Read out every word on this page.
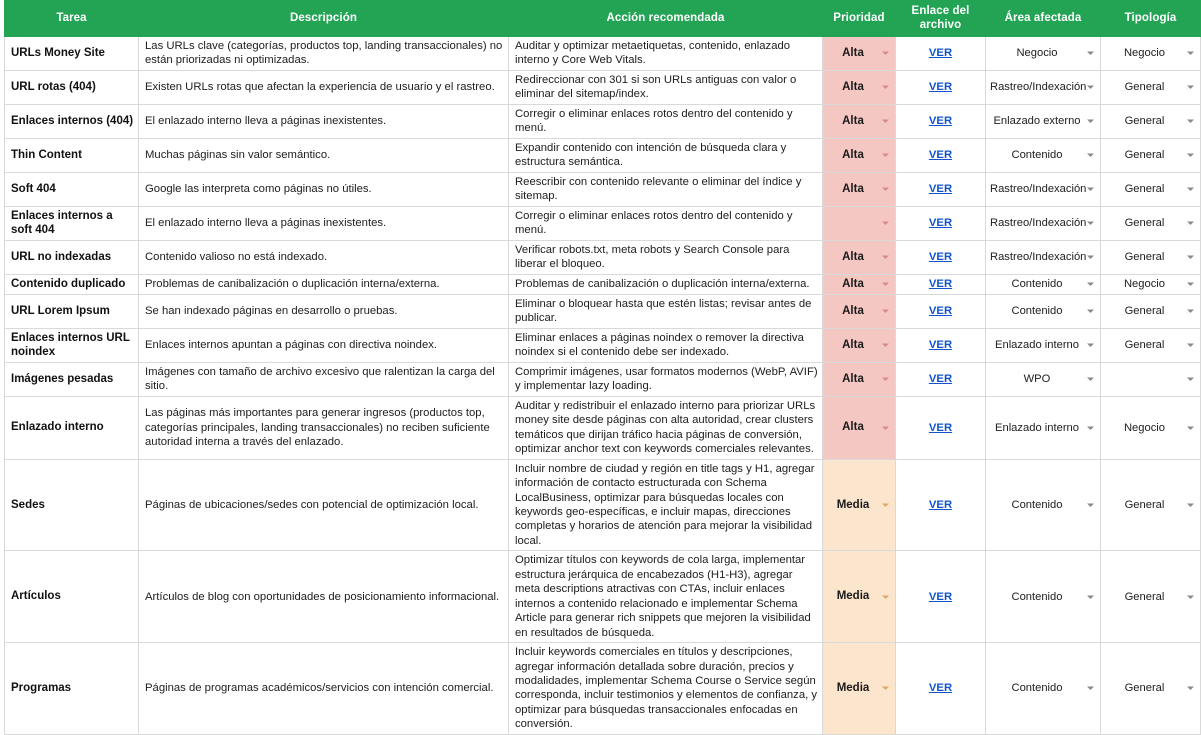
Tarea	Descripción	Acción recomendada	Prioridad	Enlace del archivo	Área afectada	Tipología
URLs Money Site	Las URLs clave (categorías, productos top, landing transaccionales) no están priorizadas ni optimizadas.	Auditar y optimizar metaetiquetas, contenido, enlazado interno y Core Web Vitals.	Alta	VER	Negocio	Negocio

URL rotas (404)	Existen URLs rotas que afectan la experiencia de usuario y el rastreo.	Redireccionar con 301 si son URLs antiguas con valor o eliminar del sitemap/index.	Alta	VER	Rastreo/Indexación	General

Enlaces internos (404)	El enlazado interno lleva a páginas inexistentes.	Corregir o eliminar enlaces rotos dentro del contenido y menú.	Alta	VER	Enlazado externo	General

Thin Content	Muchas páginas sin valor semántico.	Expandir contenido con intención de búsqueda clara y estructura semántica.	Alta	VER	Contenido	General

Soft 404	Google las interpreta como páginas no útiles.	Reescribir con contenido relevante o eliminar del índice y sitemap.	Alta	VER	Rastreo/Indexación	General

Enlaces internos a soft 404	El enlazado interno lleva a páginas inexistentes.	Corregir o eliminar enlaces rotos dentro del contenido y menú.		VER	Rastreo/Indexación	General

URL no indexadas	Contenido valioso no está indexado.	Verificar robots.txt, meta robots y Search Console para liberar el bloqueo.	Alta	VER	Rastreo/Indexación	General

Contenido duplicado	Problemas de canibalización o duplicación interna/externa.	Problemas de canibalización o duplicación interna/externa.	Alta	VER	Contenido	Negocio

URL Lorem Ipsum	Se han indexado páginas en desarrollo o pruebas.	Eliminar o bloquear hasta que estén listas; revisar antes de publicar.	Alta	VER	Contenido	General

Enlaces internos URL noindex	Enlaces internos apuntan a páginas con directiva noindex.	Eliminar enlaces a páginas noindex o remover la directiva noindex si el contenido debe ser indexado.	Alta	VER	Enlazado interno	General

Imágenes pesadas	Imágenes con tamaño de archivo excesivo que ralentizan la carga del sitio.	Comprimir imágenes, usar formatos modernos (WebP, AVIF) y implementar lazy loading.	Alta	VER	WPO

Enlazado interno	Las páginas más importantes para generar ingresos (productos top, categorías principales, landing transaccionales) no reciben suficiente autoridad interna a través del enlazado.	Auditar y redistribuir el enlazado interno para priorizar URLs money site desde páginas con alta autoridad, crear clusters temáticos que dirijan tráfico hacia páginas de conversión, optimizar anchor text con keywords comerciales relevantes.	Alta	VER	Enlazado interno	Negocio

Sedes	Páginas de ubicaciones/sedes con potencial de optimización local.	Incluir nombre de ciudad y región en title tags y H1, agregar información de contacto estructurada con Schema LocalBusiness, optimizar para búsquedas locales con keywords geo-específicas, e incluir mapas, direcciones completas y horarios de atención para mejorar la visibilidad local.	Media	VER	Contenido	General

Artículos	Artículos de blog con oportunidades de posicionamiento informacional.	Optimizar títulos con keywords de cola larga, implementar estructura jerárquica de encabezados (H1-H3), agregar meta descriptions atractivas con CTAs, incluir enlaces internos a contenido relacionado e implementar Schema Article para generar rich snippets que mejoren la visibilidad en resultados de búsqueda.	Media	VER	Contenido	General

Programas	Páginas de programas académicos/servicios con intención comercial.	Incluir keywords comerciales en títulos y descripciones, agregar información detallada sobre duración, precios y modalidades, implementar Schema Course o Service según corresponda, incluir testimonios y elementos de confianza, y optimizar para búsquedas transaccionales enfocadas en conversión.	Media	VER	Contenido	General
